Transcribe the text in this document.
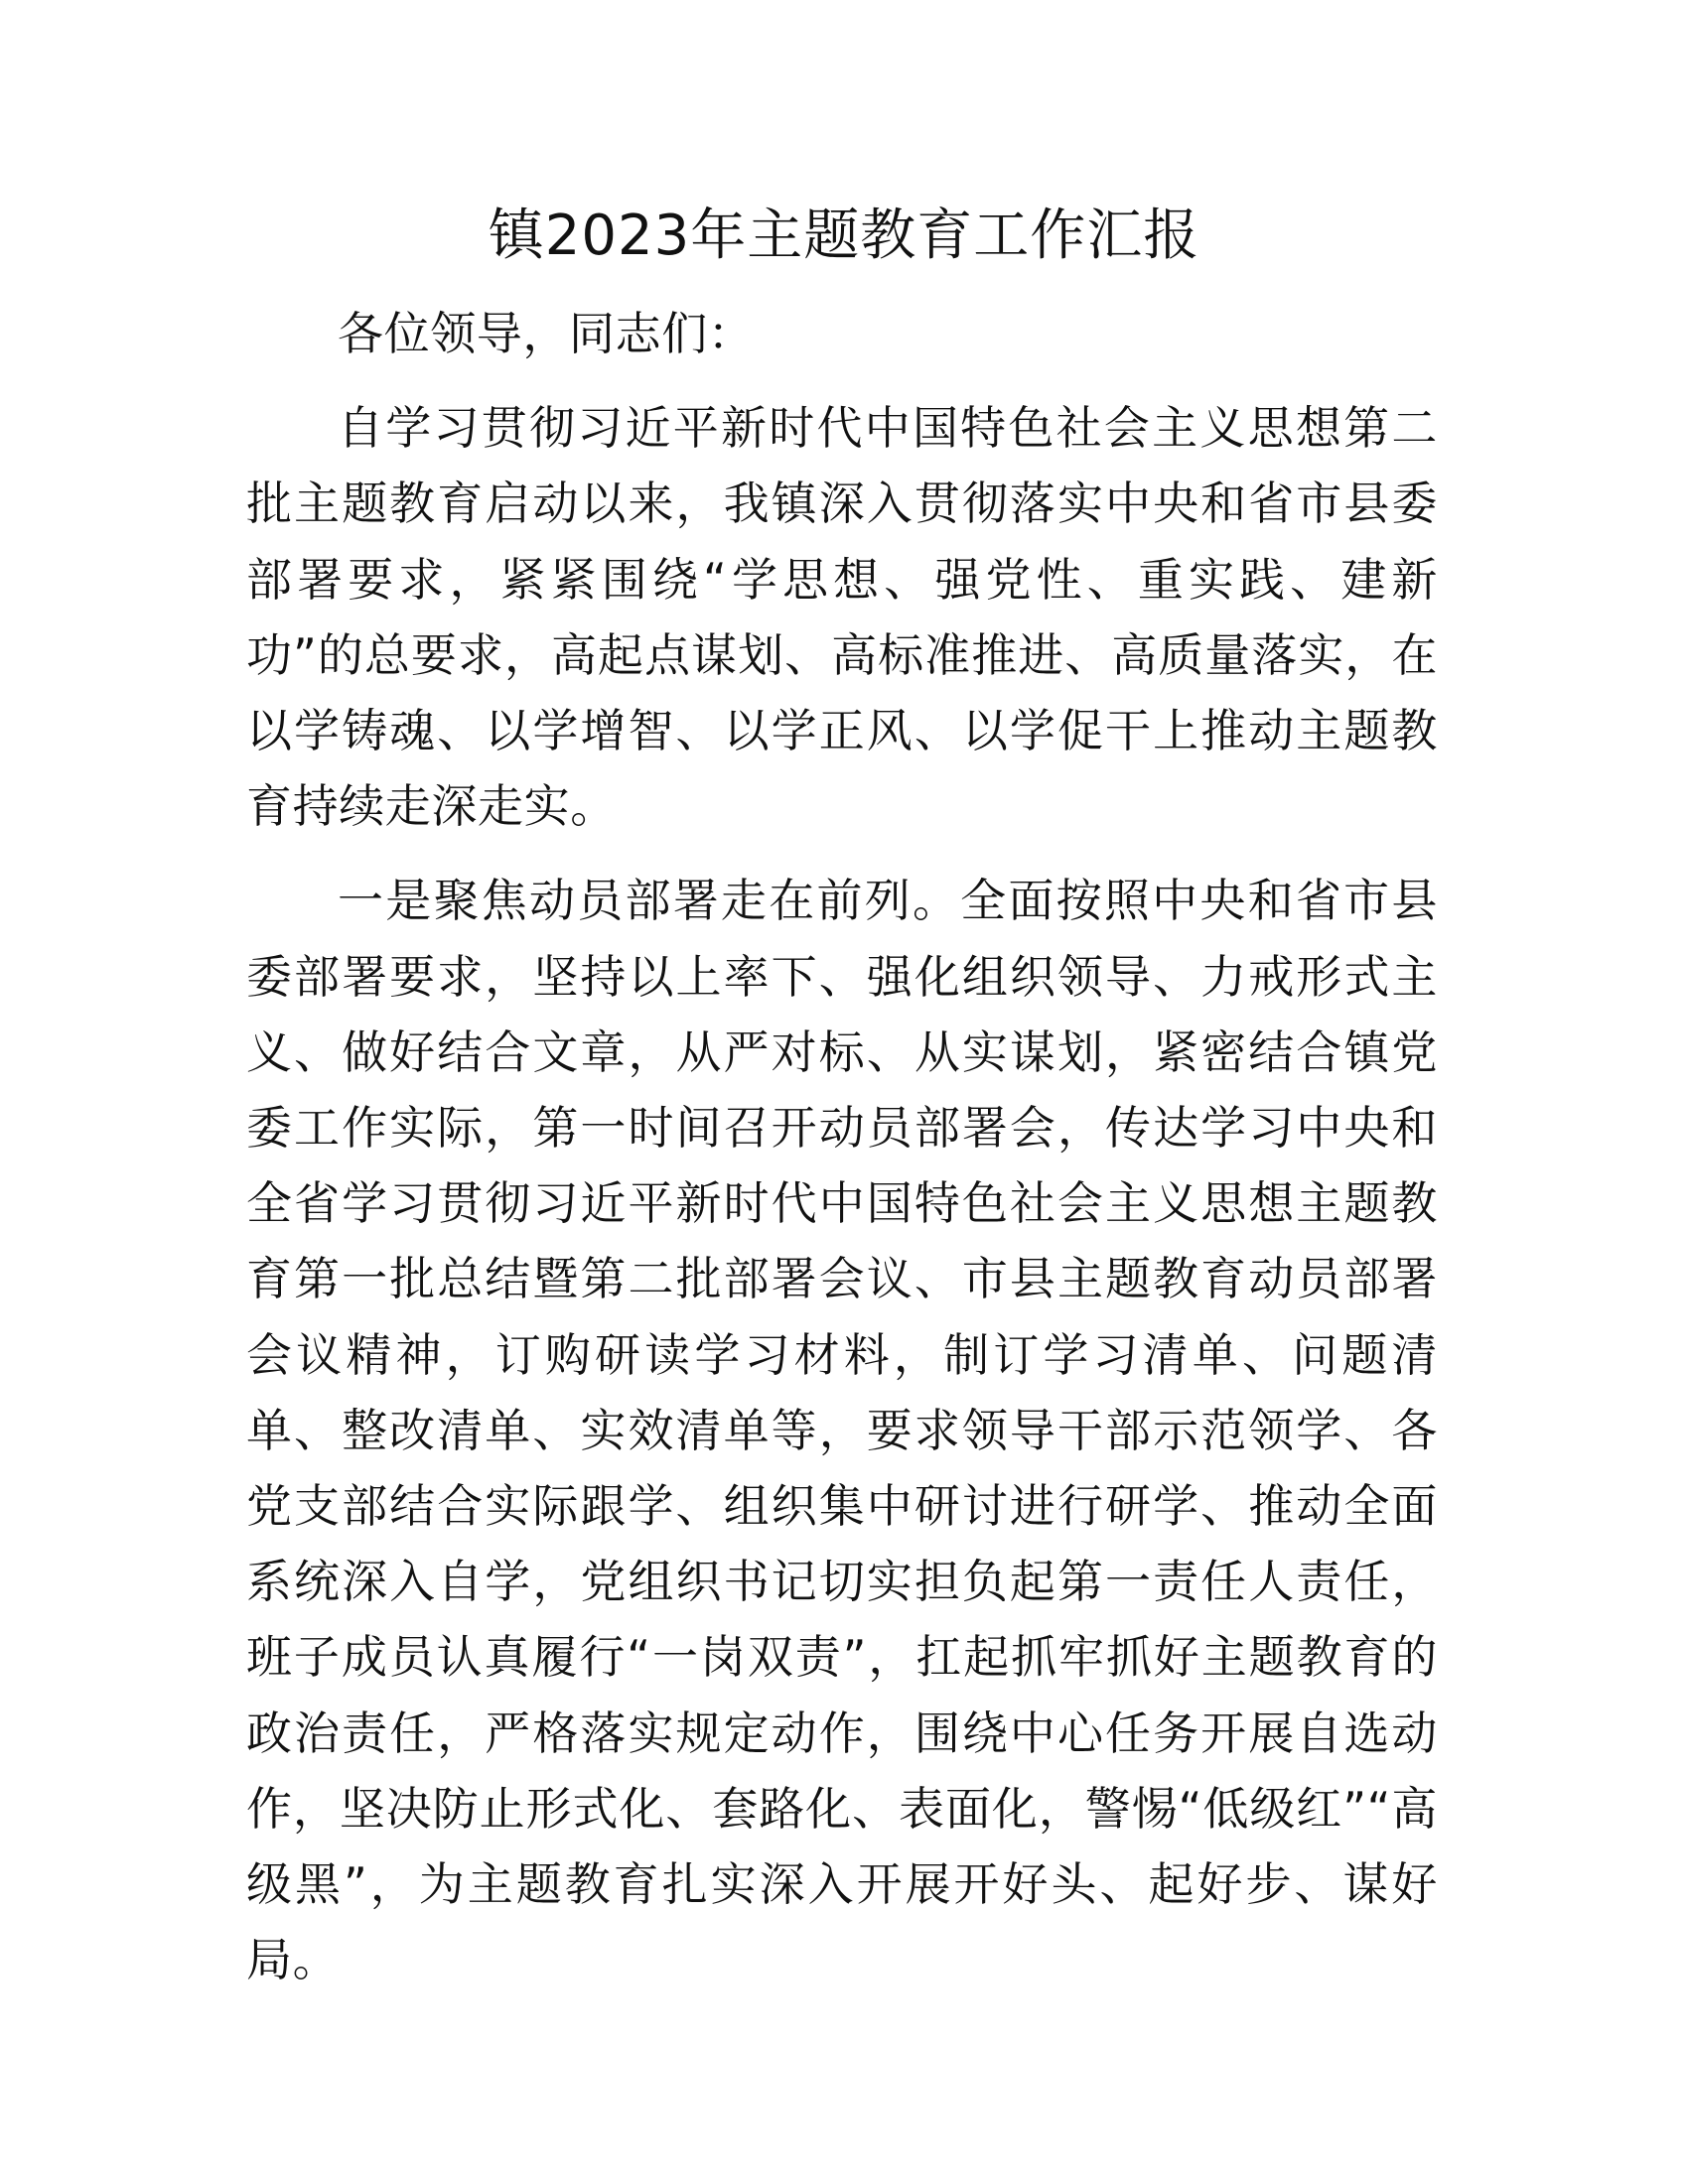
镇2023年主题教育工作汇报

各位领导，同志们：

自学习贯彻习近平新时代中国特色社会主义思想第二批主题教育启动以来，我镇深入贯彻落实中央和省市县委部署要求，紧紧围绕“学思想、强党性、重实践、建新功”的总要求，高起点谋划、高标准推进、高质量落实，在以学铸魂、以学增智、以学正风、以学促干上推动主题教育持续走深走实。

一是聚焦动员部署走在前列。全面按照中央和省市县委部署要求，坚持以上率下、强化组织领导、力戒形式主义、做好结合文章，从严对标、从实谋划，紧密结合镇党委工作实际，第一时间召开动员部署会，传达学习中央和全省学习贯彻习近平新时代中国特色社会主义思想主题教育第一批总结暨第二批部署会议、市县主题教育动员部署会议精神，订购研读学习材料，制订学习清单、问题清单、整改清单、实效清单等，要求领导干部示范领学、各党支部结合实际跟学、组织集中研讨进行研学、推动全面系统深入自学，党组织书记切实担负起第一责任人责任，班子成员认真履行“一岗双责”，扛起抓牢抓好主题教育的政治责任，严格落实规定动作，围绕中心任务开展自选动作，坚决防止形式化、套路化、表面化，警惕“低级红”“高级黑”，为主题教育扎实深入开展开好头、起好步、谋好局。
